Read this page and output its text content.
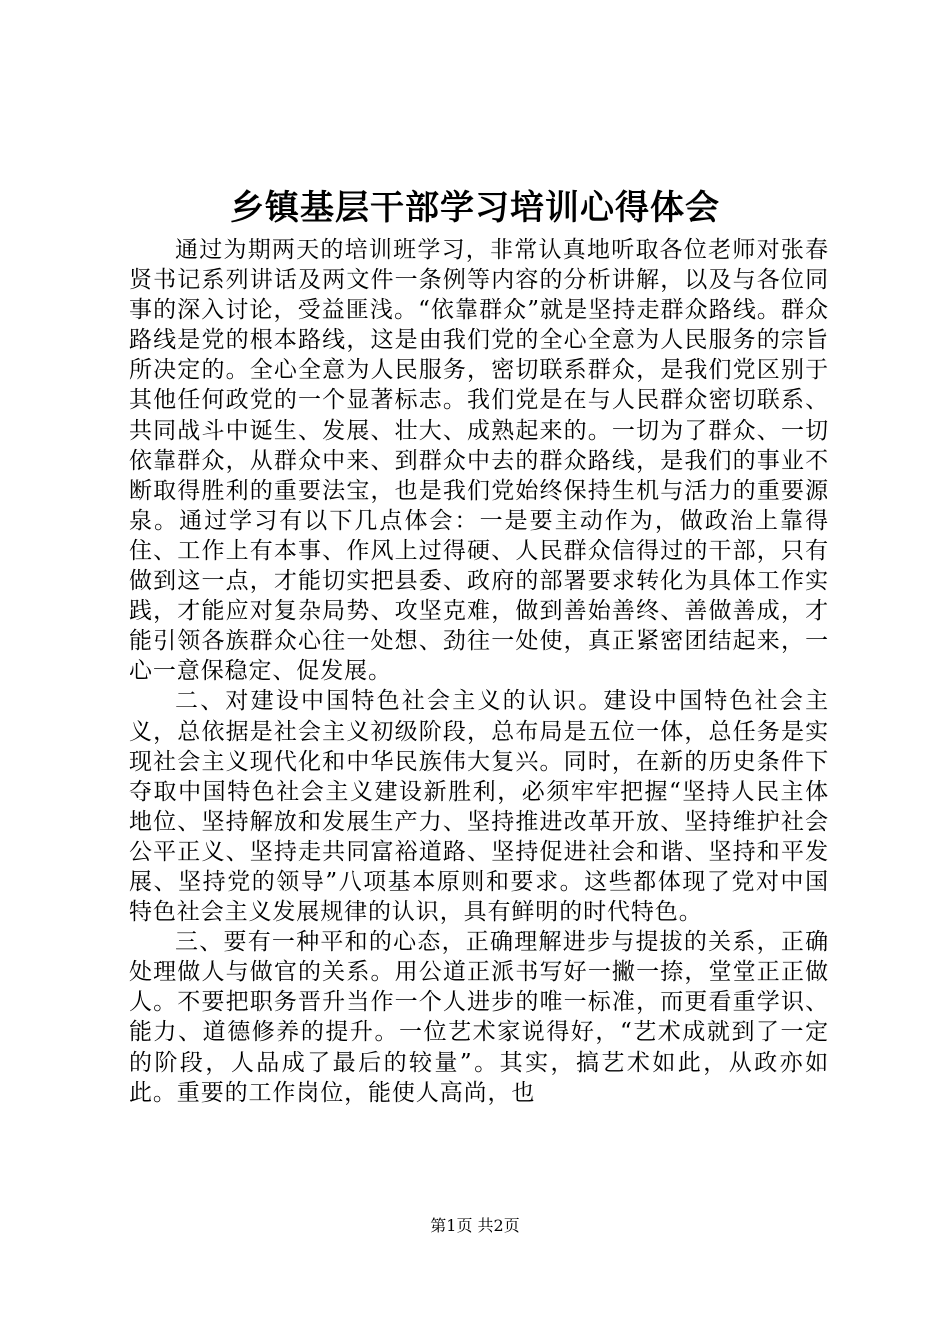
乡镇基层干部学习培训心得体会

通过为期两天的培训班学习，非常认真地听取各位老师对张春贤书记系列讲话及两文件一条例等内容的分析讲解，以及与各位同事的深入讨论，受益匪浅。“依靠群众”就是坚持走群众路线。群众路线是党的根本路线，这是由我们党的全心全意为人民服务的宗旨所决定的。全心全意为人民服务，密切联系群众，是我们党区别于其他任何政党的一个显著标志。我们党是在与人民群众密切联系、共同战斗中诞生、发展、壮大、成熟起来的。一切为了群众、一切依靠群众，从群众中来、到群众中去的群众路线，是我们的事业不断取得胜利的重要法宝，也是我们党始终保持生机与活力的重要源泉。通过学习有以下几点体会：一是要主动作为，做政治上靠得住、工作上有本事、作风上过得硬、人民群众信得过的干部，只有做到这一点，才能切实把县委、政府的部署要求转化为具体工作实践，才能应对复杂局势、攻坚克难，做到善始善终、善做善成，才能引领各族群众心往一处想、劲往一处使，真正紧密团结起来，一心一意保稳定、促发展。

二、对建设中国特色社会主义的认识。建设中国特色社会主义，总依据是社会主义初级阶段，总布局是五位一体，总任务是实现社会主义现代化和中华民族伟大复兴。同时，在新的历史条件下夺取中国特色社会主义建设新胜利，必须牢牢把握“坚持人民主体地位、坚持解放和发展生产力、坚持推进改革开放、坚持维护社会公平正义、坚持走共同富裕道路、坚持促进社会和谐、坚持和平发展、坚持党的领导”八项基本原则和要求。这些都体现了党对中国特色社会主义发展规律的认识，具有鲜明的时代特色。

三、要有一种平和的心态，正确理解进步与提拔的关系，正确处理做人与做官的关系。用公道正派书写好一撇一捺，堂堂正正做人。不要把职务晋升当作一个人进步的唯一标准，而更看重学识、能力、道德修养的提升。一位艺术家说得好，“艺术成就到了一定的阶段，人品成了最后的较量”。其实，搞艺术如此，从政亦如此。重要的工作岗位，能使人高尚，也

第1页 共2页
